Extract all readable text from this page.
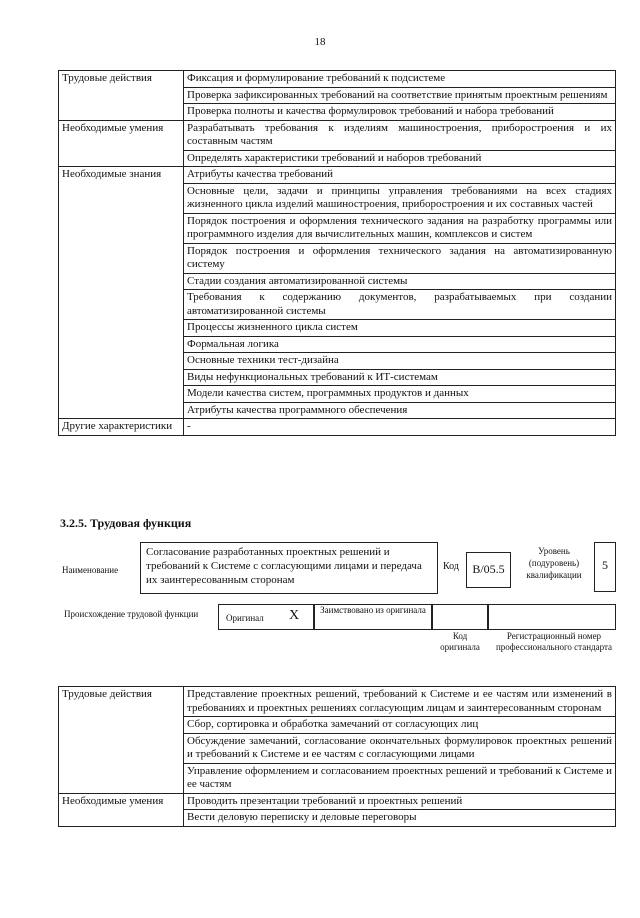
18
Трудовые действия	Фиксация и формулирование требований к подсистеме
	Проверка зафиксированных требований на соответствие принятым проектным решениям
	Проверка полноты и качества формулировок требований и набора требований
Необходимые умения	Разрабатывать требования к изделиям машиностроения, приборостроения и их составным частям
	Определять характеристики требований и наборов требований
Необходимые знания	Атрибуты качества требований
	Основные цели, задачи и принципы управления требованиями на всех стадиях жизненного цикла изделий машиностроения, приборостроения и их составных частей
	Порядок построения и оформления технического задания на разработку программы или программного изделия для вычислительных машин, комплексов и систем
	Порядок построения и оформления технического задания на автоматизированную систему
	Стадии создания автоматизированной системы
	Требования к содержанию документов, разрабатываемых при создании автоматизированной системы
	Процессы жизненного цикла систем
	Формальная логика
	Основные техники тест-дизайна
	Виды нефункциональных требований к ИТ-системам
	Модели качества систем, программных продуктов и данных
	Атрибуты качества программного обеспечения
Другие характеристики	-
3.2.5. Трудовая функция
Наименование
Согласование разработанных проектных решений и требований к Системе с согласующими лицами и передача их заинтересованным сторонам
Код	B/05.5
Уровень (подуровень) квалификации
5
Происхождение трудовой функции	Оригинал X Заимствовано из оригинала
Код оригинала
Регистрационный номер профессионального стандарта
Трудовые действия	Представление проектных решений, требований к Системе и ее частям или изменений в требованиях и проектных решениях согласующим лицам и заинтересованным сторонам
	Сбор, сортировка и обработка замечаний от согласующих лиц
	Обсуждение замечаний, согласование окончательных формулировок проектных решений и требований к Системе и ее частям с согласующими лицами
	Управление оформлением и согласованием проектных решений и требований к Системе и ее частям
Необходимые умения	Проводить презентации требований и проектных решений
	Вести деловую переписку и деловые переговоры
